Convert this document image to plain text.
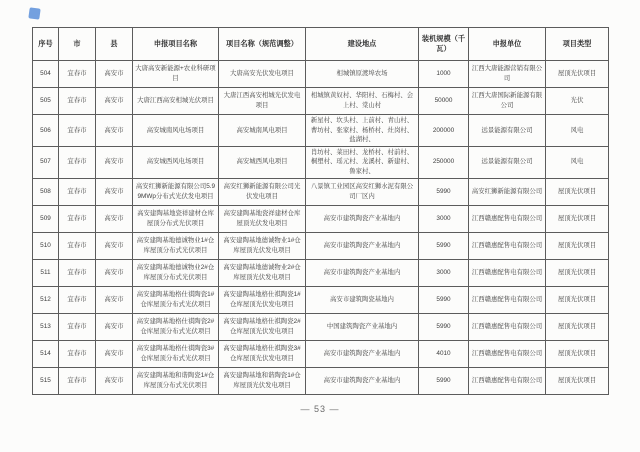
序号	市	县	申报项目名称	项目名称（规范调整）	建设地点	装机规模（千瓦）	申报单位	项目类型
504	宜春市	高安市	大唐高安新能源+农业科研项目	大唐高安光伏发电项目	相城镇原渡埠农场	1000	江西大唐能源营销有限公司	屋顶光伏项目
505	宜春市	高安市	大唐江西高安相城光伏项目	大唐江西高安相城光伏发电项目	相城镇黄奴村、华阳村、石梅村、会上村、棠山村	50000	江西大唐国际新能源有限公司	光伏
506	宜春市	高安市	高安城南风电场项目	高安城南风电项目	新星村、坎头村、上前村、青山村、曹坊村、张家村、杨桥村、灶岗村、盐湖村、	200000	远景能源有限公司	风电
507	宜春市	高安市	高安城西风电场项目	高安城西风电项目	肖坊村、菜田村、龙桥村、村前村、桐塱村、瑶元村、龙溪村、新建村、鲁家村、	250000	远景能源有限公司	风电
508	宜春市	高安市	高安红狮新能源有限公司5.99MWp分布式光伏发电项目	高安红狮新能源有限公司光伏发电项目	八景镇工业园区高安红狮水泥有限公司厂区内	5990	高安红狮新能源有限公司	屋顶光伏项目
509	宜春市	高安市	高安建陶基地瓷祥建材仓库屋顶分布式光伏项目	高安建陶基地瓷祥建材仓库屋顶光伏发电项目	高安市建筑陶瓷产业基地内	3000	江西赣惠配售电有限公司	屋顶光伏项目
510	宜春市	高安市	高安建陶基地德诚物业1#仓库屋顶分布式光伏项目	高安建陶基地德诚物业1#仓库屋顶光伏发电项目	高安市建筑陶瓷产业基地内	5990	江西赣惠配售电有限公司	屋顶光伏项目
511	宜春市	高安市	高安建陶基地德诚物业2#仓库屋顶分布式光伏项目	高安建陶基地德诚物业2#仓库屋顶光伏发电项目	高安市建筑陶瓷产业基地内	3000	江西赣惠配售电有限公司	屋顶光伏项目
512	宜春市	高安市	高安建陶基地格仕祺陶瓷1#仓库屋顶分布式光伏项目	高安建陶基地格仕祺陶瓷1#仓库屋顶光伏发电项目	高安市建筑陶瓷基地内	5990	江西赣惠配售电有限公司	屋顶光伏项目
513	宜春市	高安市	高安建陶基地格仕祺陶瓷2#仓库屋顶分布式光伏项目	高安建陶基地格仕祺陶瓷2#仓库屋顶光伏发电项目	中国建筑陶瓷产业基地内	5990	江西赣惠配售电有限公司	屋顶光伏项目
514	宜春市	高安市	高安建陶基地格仕祺陶瓷3#仓库屋顶分布式光伏项目	高安建陶基地格仕祺陶瓷3#仓库屋顶光伏发电项目	高安市建筑陶瓷产业基地内	4010	江西赣惠配售电有限公司	屋顶光伏项目
515	宜春市	高安市	高安建陶基地和谐陶瓷1#仓库屋顶分布式光伏项目	高安建陶基地和谐陶瓷1#仓库屋顶光伏发电项目	高安市建筑陶瓷产业基地内	5990	江西赣惠配售电有限公司	屋顶光伏项目
— 53 —
